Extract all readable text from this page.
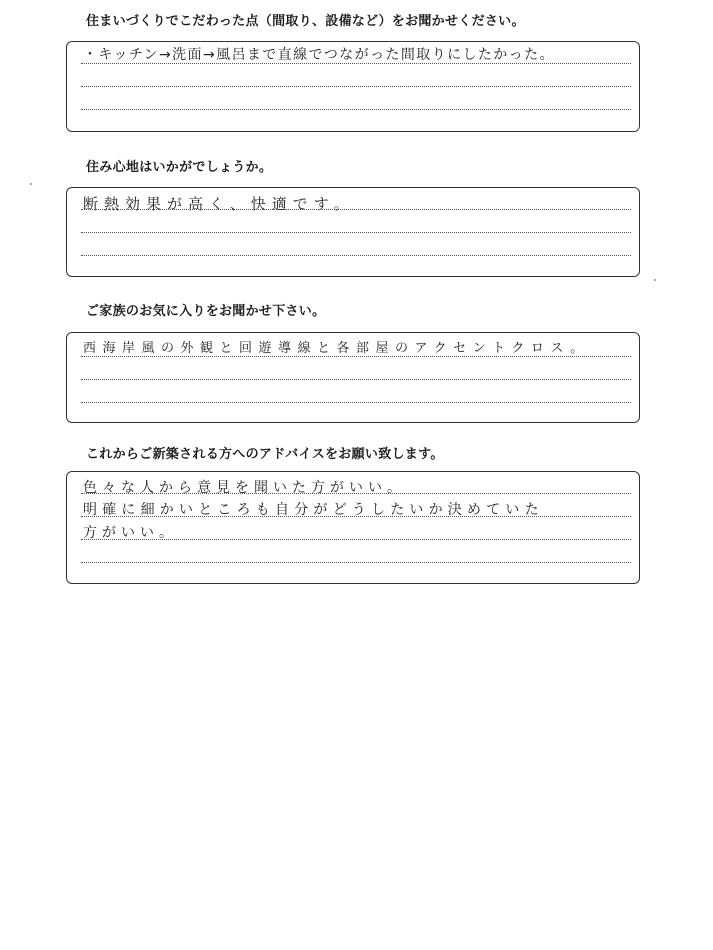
住まいづくりでこだわった点（間取り、設備など）をお聞かせください。
・キッチン→洗面→風呂まで直線でつながった間取りにしたかった。
住み心地はいかがでしょうか。
断熱効果が高く、快適です。
ご家族のお気に入りをお聞かせ下さい。
西海岸風の外観と回遊導線と各部屋のアクセントクロス。
これからご新築される方へのアドバイスをお願い致します。
色々な人から意見を聞いた方がいい。
明確に細かいところも自分がどうしたいか決めていた
方がいい。
